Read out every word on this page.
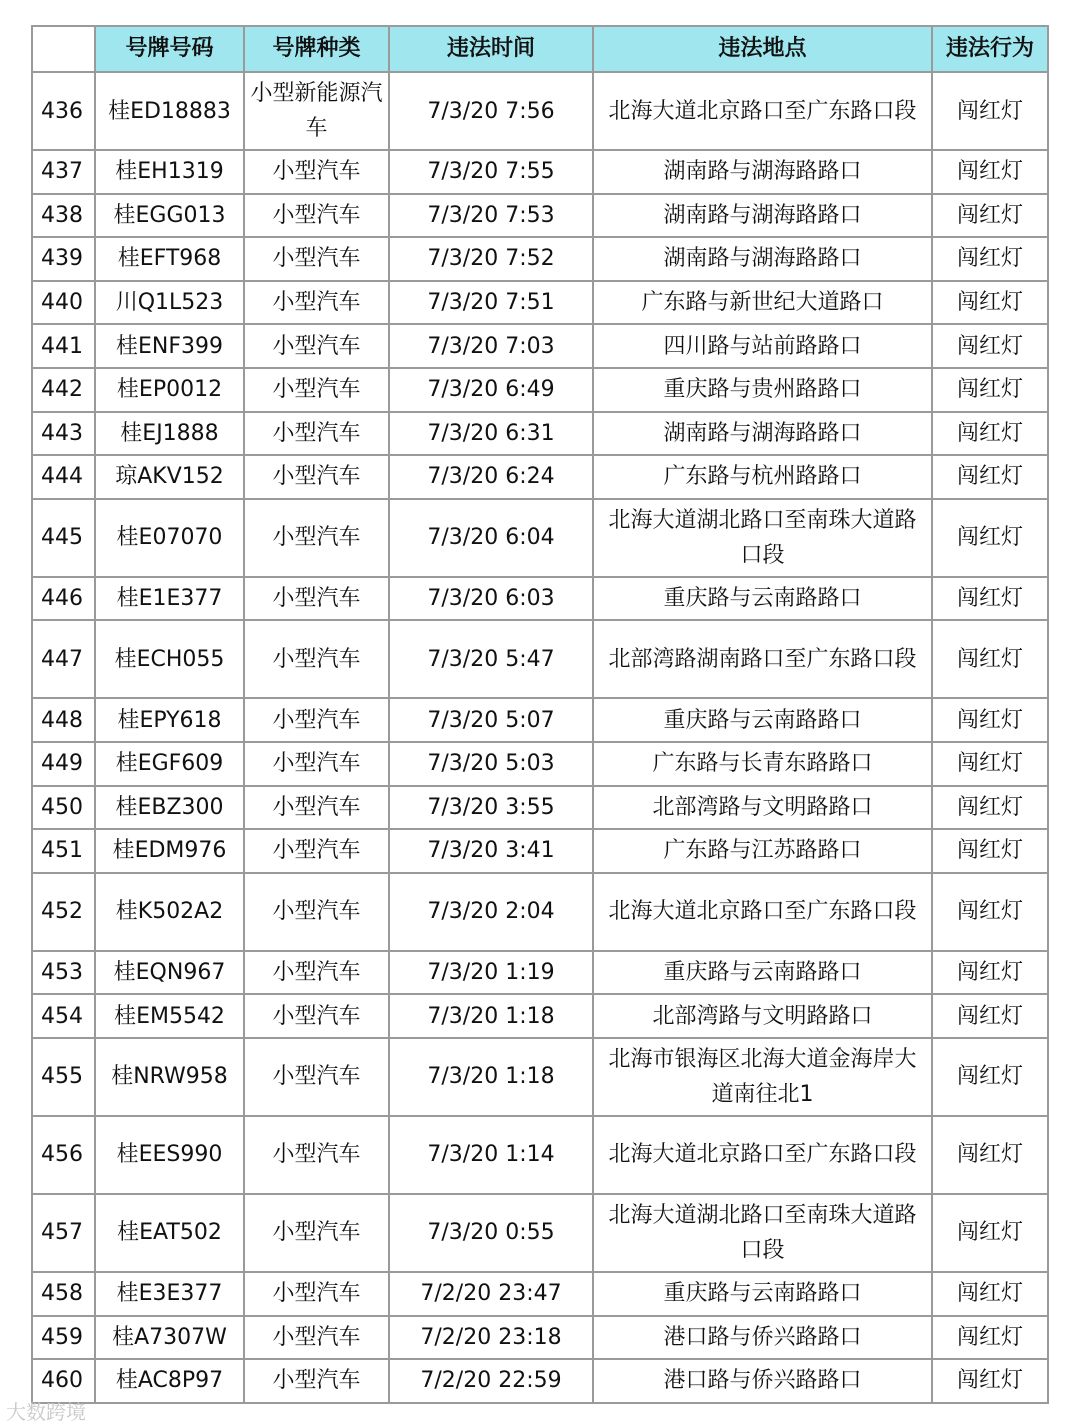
	号牌号码	号牌种类	违法时间	违法地点	违法行为
436	桂ED18883	小型新能源汽车	7/3/20 7:56	北海大道北京路口至广东路口段	闯红灯
437	桂EH1319	小型汽车	7/3/20 7:55	湖南路与湖海路路口	闯红灯
438	桂EGG013	小型汽车	7/3/20 7:53	湖南路与湖海路路口	闯红灯
439	桂EFT968	小型汽车	7/3/20 7:52	湖南路与湖海路路口	闯红灯
440	川Q1L523	小型汽车	7/3/20 7:51	广东路与新世纪大道路口	闯红灯
441	桂ENF399	小型汽车	7/3/20 7:03	四川路与站前路路口	闯红灯
442	桂EP0012	小型汽车	7/3/20 6:49	重庆路与贵州路路口	闯红灯
443	桂EJ1888	小型汽车	7/3/20 6:31	湖南路与湖海路路口	闯红灯
444	琼AKV152	小型汽车	7/3/20 6:24	广东路与杭州路路口	闯红灯
445	桂E07070	小型汽车	7/3/20 6:04	北海大道湖北路口至南珠大道路口段	闯红灯
446	桂E1E377	小型汽车	7/3/20 6:03	重庆路与云南路路口	闯红灯
447	桂ECH055	小型汽车	7/3/20 5:47	北部湾路湖南路口至广东路口段	闯红灯
448	桂EPY618	小型汽车	7/3/20 5:07	重庆路与云南路路口	闯红灯
449	桂EGF609	小型汽车	7/3/20 5:03	广东路与长青东路路口	闯红灯
450	桂EBZ300	小型汽车	7/3/20 3:55	北部湾路与文明路路口	闯红灯
451	桂EDM976	小型汽车	7/3/20 3:41	广东路与江苏路路口	闯红灯
452	桂K502A2	小型汽车	7/3/20 2:04	北海大道北京路口至广东路口段	闯红灯
453	桂EQN967	小型汽车	7/3/20 1:19	重庆路与云南路路口	闯红灯
454	桂EM5542	小型汽车	7/3/20 1:18	北部湾路与文明路路口	闯红灯
455	桂NRW958	小型汽车	7/3/20 1:18	北海市银海区北海大道金海岸大道南往北1	闯红灯
456	桂EES990	小型汽车	7/3/20 1:14	北海大道北京路口至广东路口段	闯红灯
457	桂EAT502	小型汽车	7/3/20 0:55	北海大道湖北路口至南珠大道路口段	闯红灯
458	桂E3E377	小型汽车	7/2/20 23:47	重庆路与云南路路口	闯红灯
459	桂A7307W	小型汽车	7/2/20 23:18	港口路与侨兴路路口	闯红灯
460	桂AC8P97	小型汽车	7/2/20 22:59	港口路与侨兴路路口	闯红灯
大数跨境
